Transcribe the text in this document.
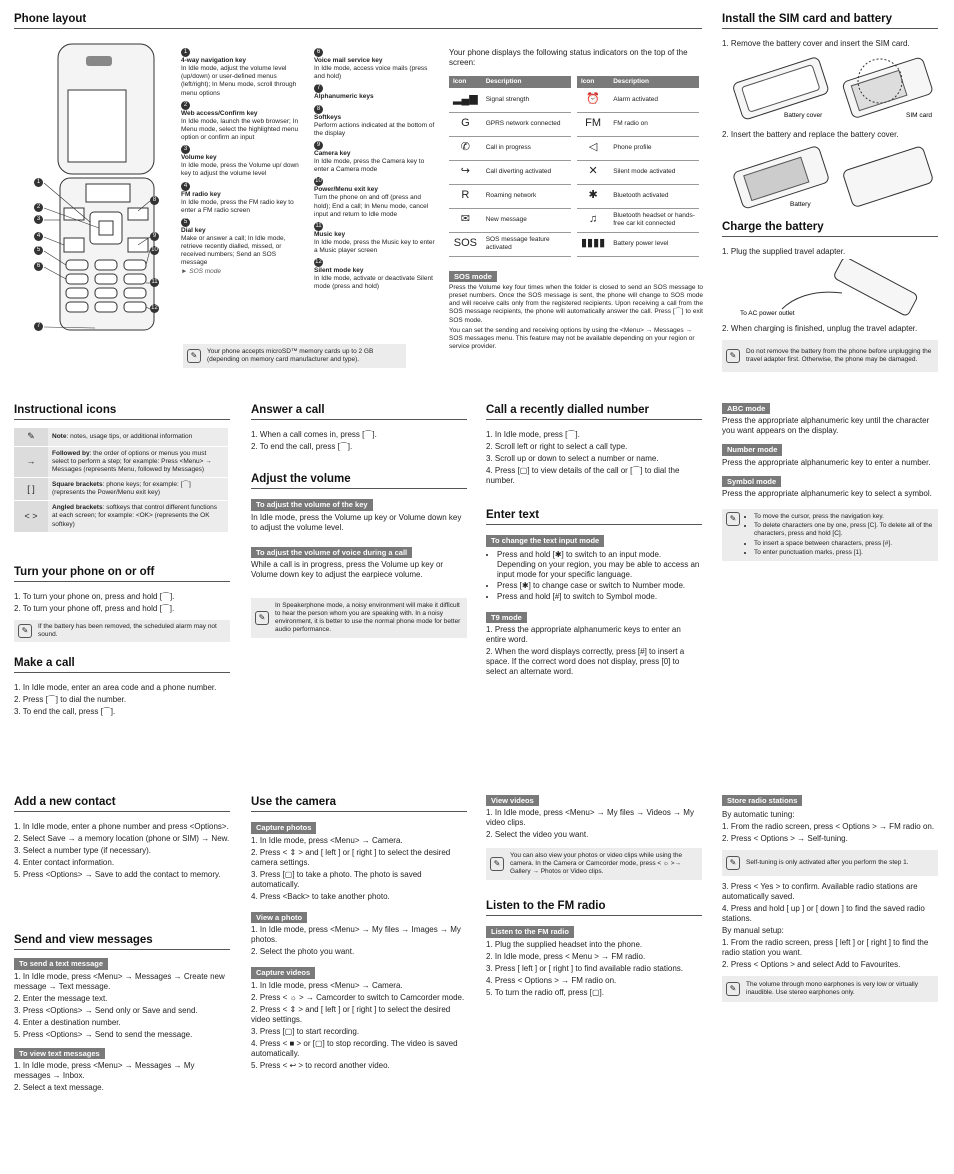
Phone layout
1
2
3
4
5
6
7
8
9
10
11
12
1
4-way navigation key
In Idle mode, adjust the volume level (up/down) or user-defined menus (left/right); In Menu mode, scroll through menu options
2
Web access/Confirm key
In Idle mode, launch the web browser; In Menu mode, select the highlighted menu option or confirm an input
3
Volume key
In Idle mode, press the Volume up/ down key to adjust the volume level
4
FM radio key
In Idle mode, press the FM radio key to enter a FM radio screen
5
Dial key
Make or answer a call; In Idle mode, retrieve recently dialled, missed, or received numbers; Send an SOS message
► SOS mode
6
Voice mail service key
In Idle mode, access voice mails (press and hold)
7
Alphanumeric keys
8
Softkeys
Perform actions indicated at the bottom of the display
9
Camera key
In Idle mode, press the Camera key to enter a Camera mode
10
Power/Menu exit key
Turn the phone on and off (press and hold); End a call; In Menu mode, cancel input and return to Idle mode
11
Music key
In Idle mode, press the Music key to enter a Music player screen
12
Silent mode key
In Idle mode, activate or deactivate Silent mode (press and hold)
✎	Your phone accepts microSD™ memory cards up to 2 GB (depending on memory card manufacturer and type).

Your phone displays the following status indicators on the top of the screen:

Icon	Description
▂▄▆	Signal strength
G	GPRS network connected
✆	Call in progress
↪	Call diverting activated
R	Roaming network
✉	New message
SOS	SOS message feature activated
Icon	Description
⏰	Alarm activated
FM	FM radio on
◁	Phone profile
✕	Silent mode activated
✱	Bluetooth activated
♫	Bluetooth headset or hands-free car kit connected
▮▮▮▮	Battery power level
SOS mode

Press the Volume key four times when the folder is closed to send an SOS message to preset numbers. Once the SOS message is sent, the phone will change to SOS mode and will receive calls only from the registered recipients. Upon receiving a call from the SOS message recipients, the phone will automatically answer the call. Press [⌒] to exit SOS mode.

You can set the sending and receiving options by using the <Menu> → Messages → SOS messages menu. This feature may not be available depending on your region or service provider.

Install the SIM card and battery

1. Remove the battery cover and insert the SIM card.

Battery cover	SIM card

2. Insert the battery and replace the battery cover.

Battery
Charge the battery

1. Plug the supplied travel adapter.

To AC power outlet

2. When charging is finished, unplug the travel adapter.

✎	Do not remove the battery from the phone before unplugging the travel adapter first. Otherwise, the phone may be damaged.
Instructional icons
✎	Note: notes, usage tips, or additional information
→	Followed by: the order of options or menus you must select to perform a step; for example: Press <Menu> → Messages (represents Menu, followed by Messages)
[ ]	Square brackets: phone keys; for example: [⌒] (represents the Power/Menu exit key)
< >	Angled brackets: softkeys that control different functions at each screen; for example: <OK> (represents the OK softkey)
Turn your phone on or off

1. To turn your phone on, press and hold [⌒].

2. To turn your phone off, press and hold [⌒].

✎	If the battery has been removed, the scheduled alarm may not sound.
Make a call

1. In Idle mode, enter an area code and a phone number.

2. Press [⌒] to dial the number.

3. To end the call, press [⌒].

Answer a call

1. When a call comes in, press [⌒].

2. To end the call, press [⌒].

Adjust the volume
To adjust the volume of the key

In Idle mode, press the Volume up key or Volume down key to adjust the volume level.

To adjust the volume of voice during a call

While a call is in progress, press the Volume up key or Volume down key to adjust the earpiece volume.

✎
In Speakerphone mode, a noisy environment will make it difficult to hear the person whom you are speaking with. In a noisy environment, it is better to use the normal phone mode for better audio performance.
Call a recently dialled number

1. In Idle mode, press [⌒].

2. Scroll left or right to select a call type.

3. Scroll up or down to select a number or name.

4. Press [▢] to view details of the call or [⌒] to dial the number.

Enter text
To change the text input mode
• Press and hold [✱] to switch to an input mode. Depending on your region, you may be able to access an input mode for your specific language.
• Press [✱] to change case or switch to Number mode.
• Press and hold [#] to switch to Symbol mode.
T9 mode

1. Press the appropriate alphanumeric keys to enter an entire word.

2. When the word displays correctly, press [#] to insert a space. If the correct word does not display, press [0] to select an alternate word.

ABC mode

Press the appropriate alphanumeric key until the character you want appears on the display.

Number mode

Press the appropriate alphanumeric key to enter a number.

Symbol mode

Press the appropriate alphanumeric key to select a symbol.

✎	• To move the cursor, press the navigation key.
• To delete characters one by one, press [C]. To delete all of the characters, press and hold [C].
• To insert a space between characters, press [#].
• To enter punctuation marks, press [1].
Add a new contact

1. In Idle mode, enter a phone number and press <Options>.

2. Select Save → a memory location (phone or SIM) → New.

3. Select a number type (if necessary).

4. Enter contact information.

5. Press <Options> → Save to add the contact to memory.

Send and view messages
To send a text message

1. In Idle mode, press <Menu> → Messages → Create new message → Text message.

2. Enter the message text.

3. Press <Options> → Send only or Save and send.

4. Enter a destination number.

5. Press <Options> → Send to send the message.

To view text messages

1. In Idle mode, press <Menu> → Messages → My messages → Inbox.

2. Select a text message.

Use the camera
Capture photos

1. In Idle mode, press <Menu> → Camera.

2. Press < ⇕ > and [ left ] or [ right ] to select the desired camera settings.

3. Press [▢] to take a photo. The photo is saved automatically.

4. Press <Back> to take another photo.

View a photo

1. In Idle mode, press <Menu> → My files → Images → My photos.

2. Select the photo you want.

Capture videos

1. In Idle mode, press <Menu> → Camera.

2. Press < ☼ > → Camcorder to switch to Camcorder mode.

2. Press < ⇕ > and [ left ] or [ right ] to select the desired video settings.

3. Press [▢] to start recording.

4. Press < ■ > or [▢] to stop recording. The video is saved automatically.

5. Press < ↩ > to record another video.

View videos

1. In Idle mode, press <Menu> → My files → Videos → My video clips.

2. Select the video you want.

✎
You can also view your photos or video clips while using the camera. In the Camera or Camcorder mode, press < ☼ >→ Gallery → Photos or Video clips.
Listen to the FM radio
Listen to the FM radio

1. Plug the supplied headset into the phone.

2. In Idle mode, press < Menu > → FM radio.

3. Press [ left ] or [ right ] to find available radio stations.

4. Press < Options > → FM radio on.

5. To turn the radio off, press [▢].

Store radio stations

By automatic tuning:

1. From the radio screen, press < Options > → FM radio on.

2. Press < Options > → Self-tuning.

✎	Self-tuning is only activated after you perform the step 1.

3. Press < Yes > to confirm. Available radio stations are automatically saved.

4. Press and hold [ up ] or [ down ] to find the saved radio stations.

By manual setup:

1. From the radio screen, press [ left ] or [ right ] to find the radio station you want.

2. Press < Options > and select Add to Favourites.

✎	The volume through mono earphones is very low or virtually inaudible. Use stereo earphones only.
